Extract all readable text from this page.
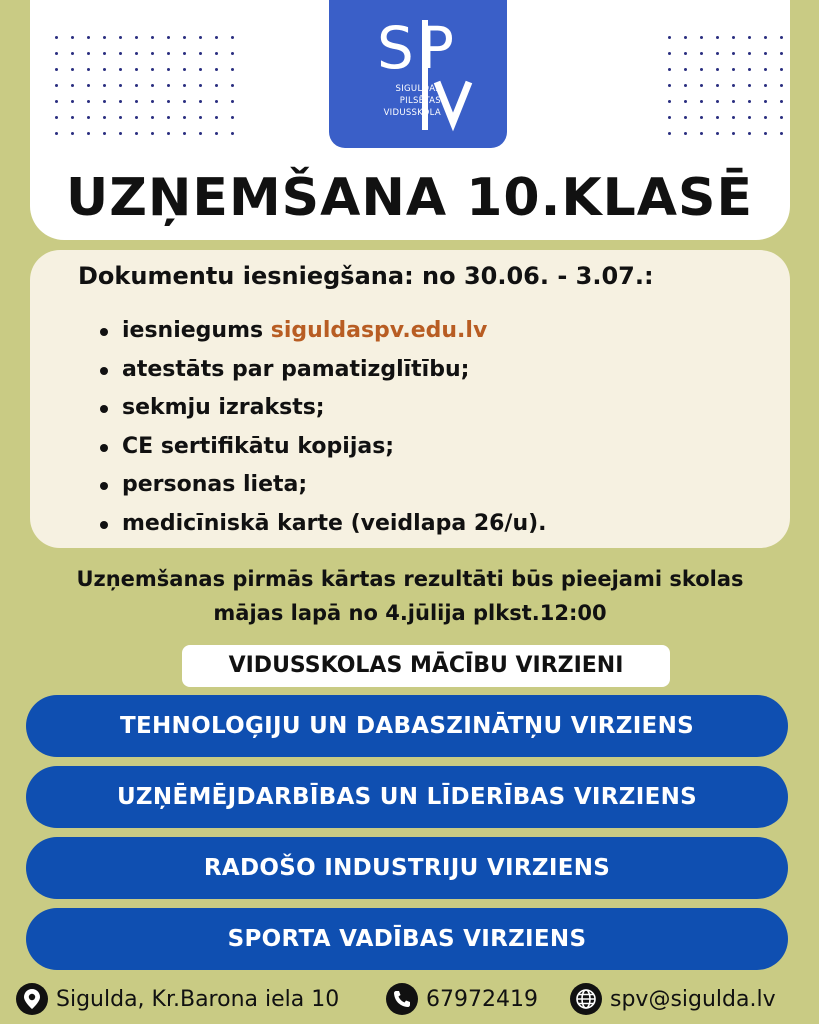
S P
SIGULDAS
PILSĒTAS
VIDUSSKOLA
UZŅEMŠANA 10.KLASĒ
Dokumentu iesniegšana: no 30.06. - 3.07.:
iesniegums siguldaspv.edu.lv
atestāts par pamatizglītību;
sekmju izraksts;
CE sertifikātu kopijas;
personas lieta;
medicīniskā karte (veidlapa 26/u).
Uzņemšanas pirmās kārtas rezultāti būs pieejami skolas
mājas lapā no 4.jūlija plkst.12:00
VIDUSSKOLAS MĀCĪBU VIRZIENI
TEHNOLOĢIJU UN DABASZINĀTŅU VIRZIENS
UZŅĒMĒJDARBĪBAS UN LĪDERĪBAS VIRZIENS
RADOŠO INDUSTRIJU VIRZIENS
SPORTA VADĪBAS VIRZIENS
Sigulda, Kr.Barona iela 10	67972419	spv@sigulda.lv
